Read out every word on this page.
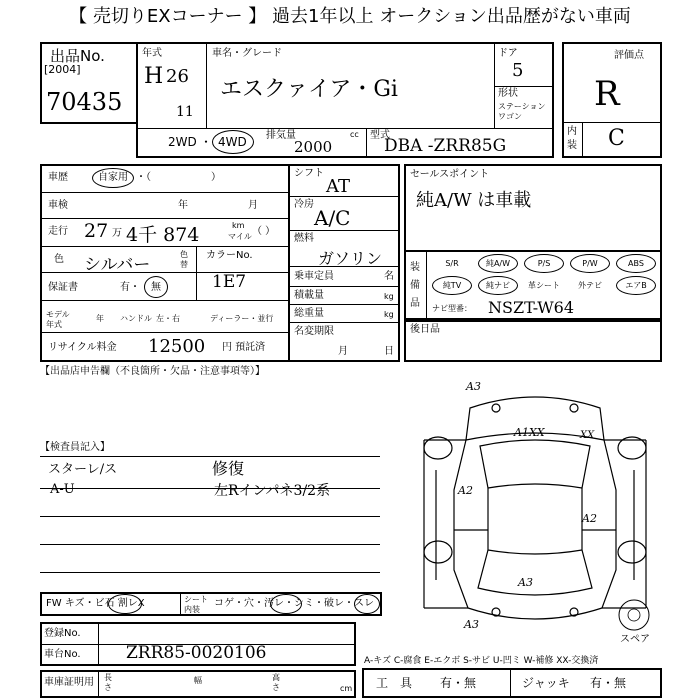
【 売切りEXコーナー 】 過去1年以上 オークション出品歴がない車両
出品No.
[2004]
70435
年式
H 26
11
車名・グレード
エスクァイア・Gi
ドア
5
形状
ステーション ワゴン
2WD ・ 4WD 排気量	cc
2000
型式
DBA -ZRR85G
評価点
R
内
装 C
車歴	自家用 ・（　　　　　　）
車検	年	月
走行 27 万 4千 874	km
マイル （ ）
色 シルバー
色替
カラーNo.
1E7
保証書	有・ 無
モデル年式
年 ハンドル 左・右	ディーラー・並行
リサイクル料金 12500 円 預託済
シフト
AT
冷房
A/C
燃料
ガソリン
乗車定員	名
積載量	kg
総重量	kg
名変期限
月	日
セールスポイント
純A/W は車載
装
備
品
S/R	純A/W	P/S	P/W	ABS
純TV	純ナビ	革シート	外テビ	エアB
ナビ型番： NSZT-W64
後日品
【出品店申告欄（不良箇所・欠品・注意事項等）】
【検査員記入】
スターレ/ス
A-U
修復
左Rインパネ3/2系
FW キズ・ビ石 割レX	シート内装
コゲ・穴・汚レ・シミ・破レ・スレ
登録No.
車台No.	ZRR85-0020106
車庫証明用 長さ
幅	高さ	cm
A-キズ C-腐食 E-エクボ S-サビ U-凹ミ W-補修 XX-交換済
工　具 有・無	ジャッキ 有・無
A3
A1XX	XX
A2
A2
A3
A3
スペア
